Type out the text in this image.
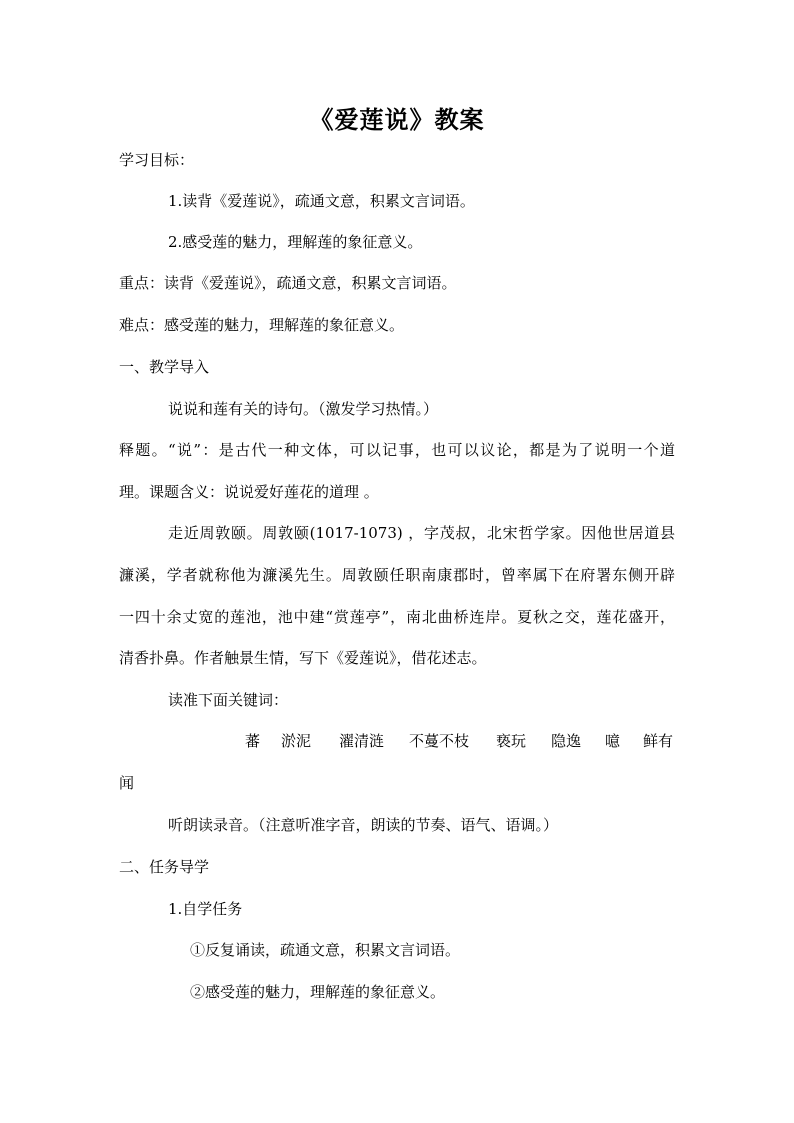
《爱莲说》教案
学习目标：
1.读背《爱莲说》，疏通文意，积累文言词语。
2.感受莲的魅力，理解莲的象征意义。
重点：读背《爱莲说》，疏通文意，积累文言词语。
难点：感受莲的魅力，理解莲的象征意义。
一、教学导入
说说和莲有关的诗句。（激发学习热情。）
释题。“说”：是古代一种文体，可以记事，也可以议论，都是为了说明一个道
理。课题含义：说说爱好莲花的道理 。
走近周敦颐。周敦颐(1017-1073) ，字茂叔，北宋哲学家。因他世居道县
濂溪，学者就称他为濂溪先生。周敦颐任职南康郡时，曾率属下在府署东侧开辟
一四十余丈宽的莲池，池中建“赏莲亭”，南北曲桥连岸。夏秋之交，莲花盛开，
清香扑鼻。作者触景生情，写下《爱莲说》，借花述志。
读准下面关键词：
蕃 淤泥 濯清涟 不蔓不枝 亵玩 隐逸 噫 鲜有
闻
听朗读录音。（注意听准字音，朗读的节奏、语气、语调。）
二、任务导学
1.自学任务
①反复诵读，疏通文意，积累文言词语。
②感受莲的魅力，理解莲的象征意义。
